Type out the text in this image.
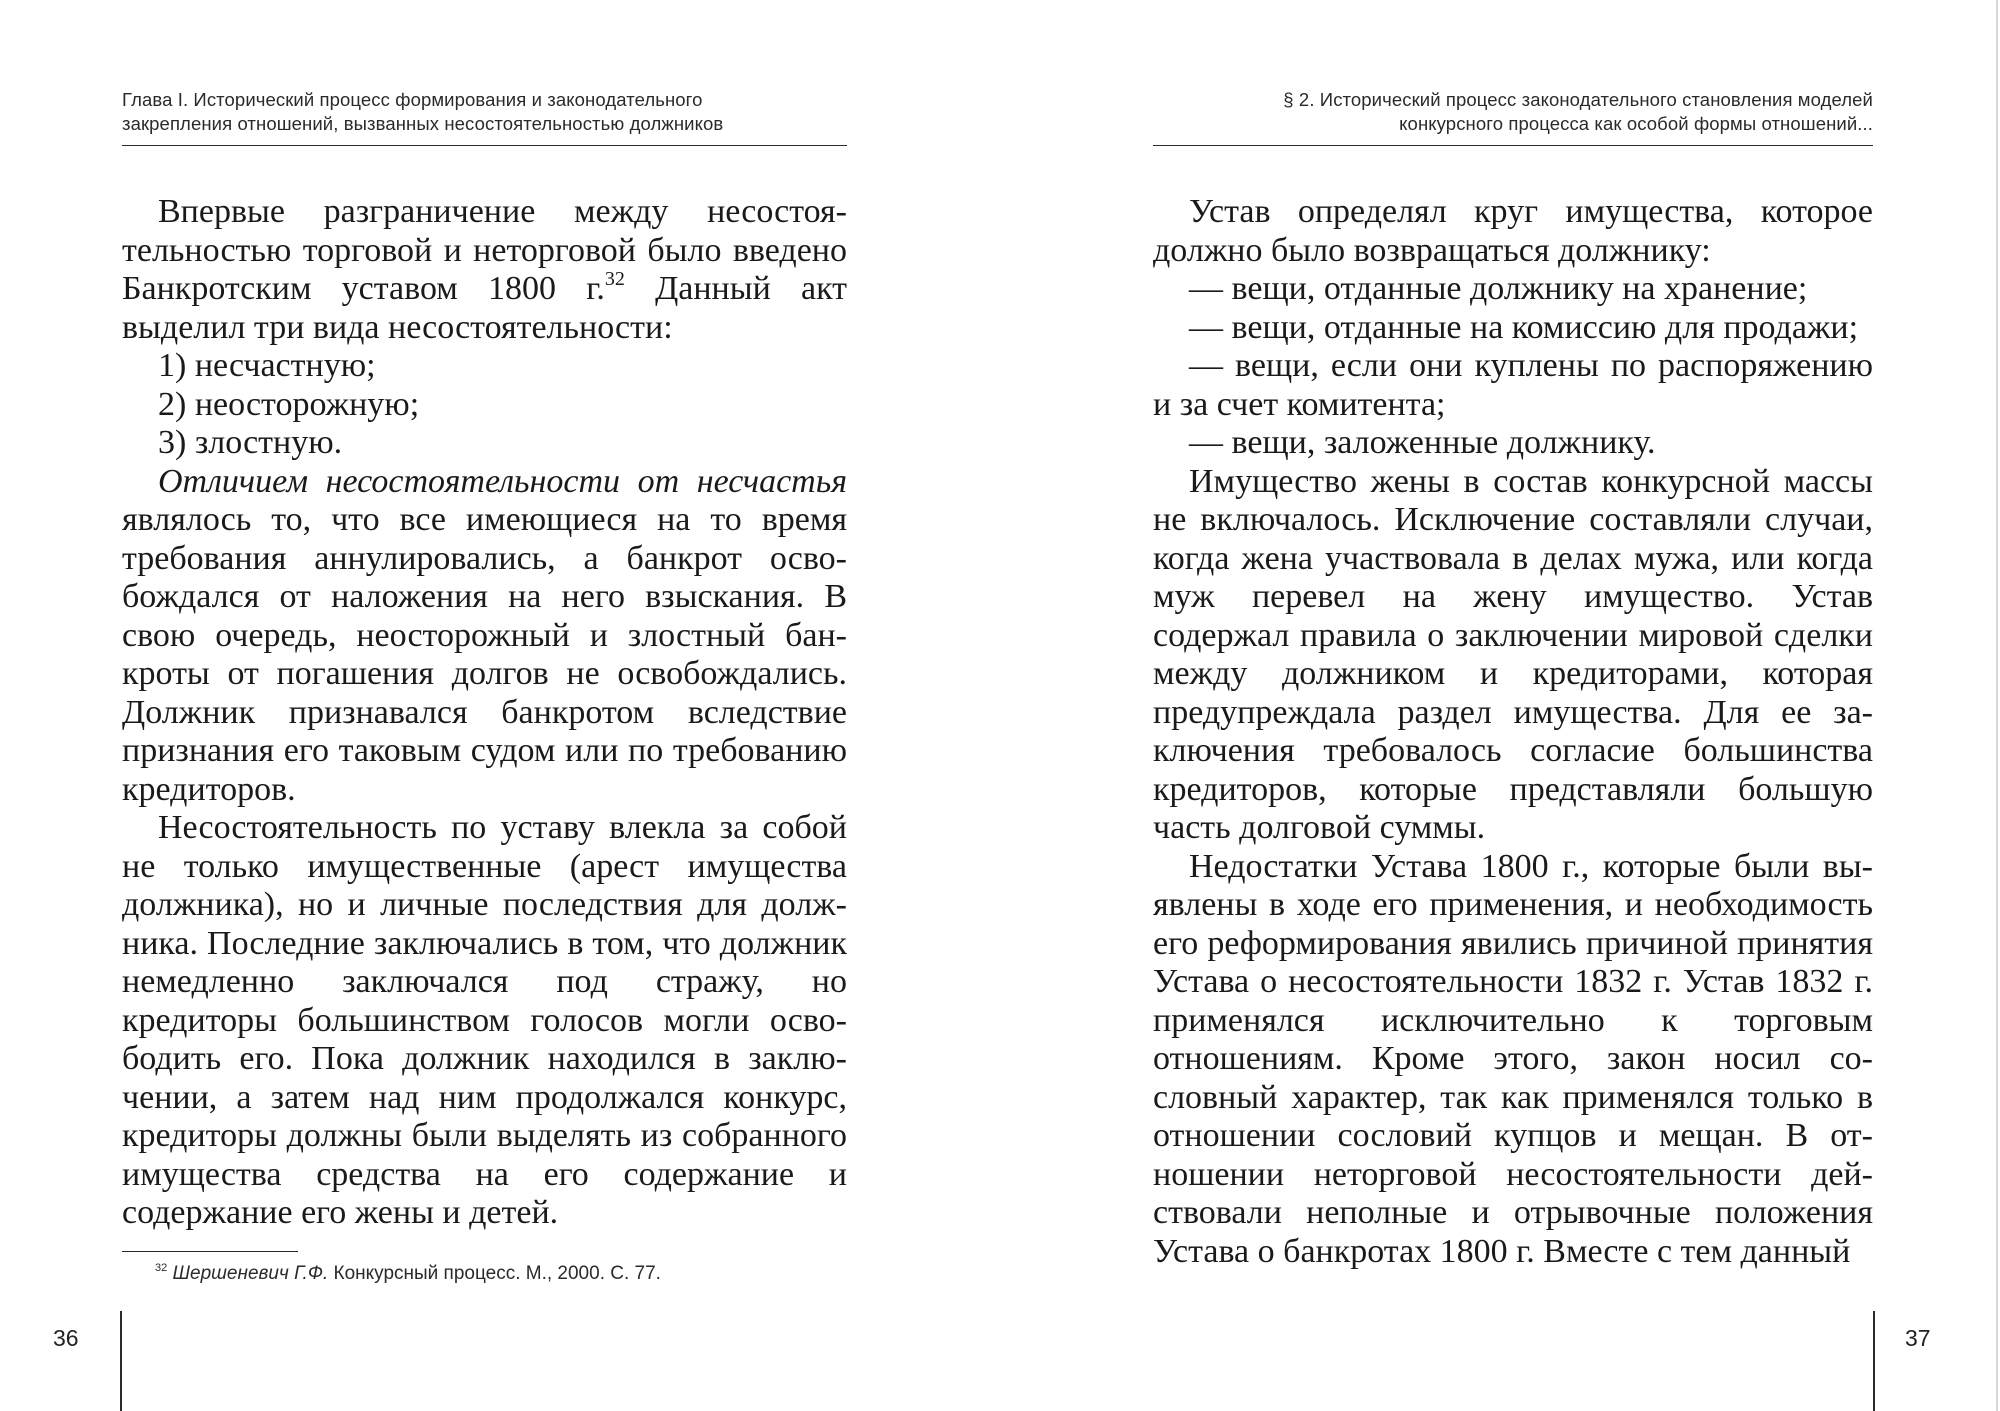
Глава I. Исторический процесс формирования и законодательного
закрепления отношений, вызванных несостоятельностью должников

Впервые разграничение между несостоятельностью торговой и неторговой было введено Банкротским уставом 1800 г.$^{32}$ Данный акт выделил три вида несостоятельности:

1) несчастную;

2) неосторожную;

3) злостную.

Отличием несостоятельности от несчастья являлось то, что все имеющиеся на то время требования аннулировались, а банкрот освобождался от наложения на него взыскания. В свою очередь, неосторожный и злостный банкроты от погашения долгов не освобождались. Должник признавался банкротом вследствие признания его таковым судом или по требованию кредиторов.

Несостоятельность по уставу влекла за собой не только имущественные (арест имущества должника), но и личные последствия для должника. Последние заключались в том, что должник немедленно заключался под стражу, но кредиторы большинством голосов могли освободить его. Пока должник находился в заключении, а затем над ним продолжался конкурс, кредиторы должны были выделять из собранного имущества средства на его содержание и содержание его жены и детей.

$^{32}$ Шершеневич Г.Ф. Конкурсный процесс. М., 2000. С. 77.
36
§ 2. Исторический процесс законодательного становления моделей
конкурсного процесса как особой формы отношений...

Устав определял круг имущества, которое должно было возвращаться должнику:

— вещи, отданные должнику на хранение;

— вещи, отданные на комиссию для продажи;

— вещи, если они куплены по распоряжению и за счет комитента;

— вещи, заложенные должнику.

Имущество жены в состав конкурсной массы не включалось. Исключение составляли случаи, когда жена участвовала в делах мужа, или когда муж перевел на жену имущество. Устав содержал правила о заключении мировой сделки между должником и кредиторами, которая предупреждала раздел имущества. Для ее заключения требовалось согласие большинства кредиторов, которые представляли большую часть долговой суммы.

Недостатки Устава 1800 г., которые были выявлены в ходе его применения, и необходимость его реформирования явились причиной принятия Устава о несостоятельности 1832 г. Устав 1832 г. применялся исключительно к торговым отношениям. Кроме этого, закон носил сословный характер, так как применялся только в отношении сословий купцов и мещан. В отношении неторговой несостоятельности действовали неполные и отрывочные положения Устава о банкротах 1800 г. Вместе с тем данный

37
